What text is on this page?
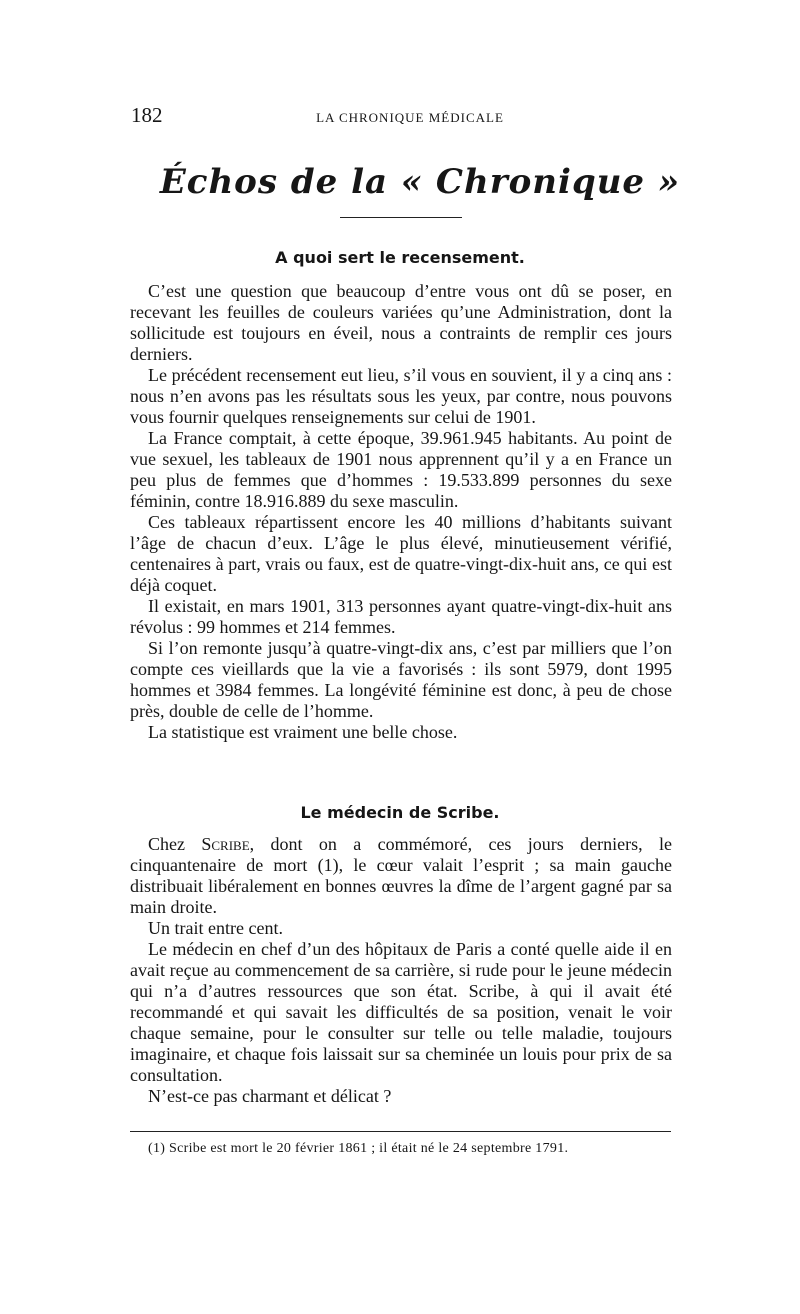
182	LA CHRONIQUE MÉDICALE
Échos de la « Chronique »
A quoi sert le recensement.

C’est une question que beaucoup d’entre vous ont dû se poser, en recevant les feuilles de couleurs variées qu’une Administration, dont la sollicitude est toujours en éveil, nous a contraints de remplir ces jours derniers.

Le précédent recensement eut lieu, s’il vous en souvient, il y a cinq ans : nous n’en avons pas les résultats sous les yeux, par contre, nous pouvons vous fournir quelques renseignements sur celui de 1901.

La France comptait, à cette époque, 39.961.945 habitants. Au point de vue sexuel, les tableaux de 1901 nous apprennent qu’il y a en France un peu plus de femmes que d’hommes : 19.533.899 personnes du sexe féminin, contre 18.916.889 du sexe masculin.

Ces tableaux répartissent encore les 40 millions d’habitants suivant l’âge de chacun d’eux. L’âge le plus élevé, minutieusement vérifié, centenaires à part, vrais ou faux, est de quatre-vingt-dix-huit ans, ce qui est déjà coquet.

Il existait, en mars 1901, 313 personnes ayant quatre-vingt-dix-huit ans révolus : 99 hommes et 214 femmes.

Si l’on remonte jusqu’à quatre-vingt-dix ans, c’est par milliers que l’on compte ces vieillards que la vie a favorisés : ils sont 5979, dont 1995 hommes et 3984 femmes. La longévité féminine est donc, à peu de chose près, double de celle de l’homme.

La statistique est vraiment une belle chose.

Le médecin de Scribe.

Chez Scribe, dont on a commémoré, ces jours derniers, le cinquantenaire de mort (1), le cœur valait l’esprit ; sa main gauche distribuait libéralement en bonnes œuvres la dîme de l’argent gagné par sa main droite.

Un trait entre cent.

Le médecin en chef d’un des hôpitaux de Paris a conté quelle aide il en avait reçue au commencement de sa carrière, si rude pour le jeune médecin qui n’a d’autres ressources que son état. Scribe, à qui il avait été recommandé et qui savait les difficultés de sa position, venait le voir chaque semaine, pour le consulter sur telle ou telle maladie, toujours imaginaire, et chaque fois laissait sur sa cheminée un louis pour prix de sa consultation.

N’est-ce pas charmant et délicat ?

(1) Scribe est mort le 20 février 1861 ; il était né le 24 septembre 1791.
